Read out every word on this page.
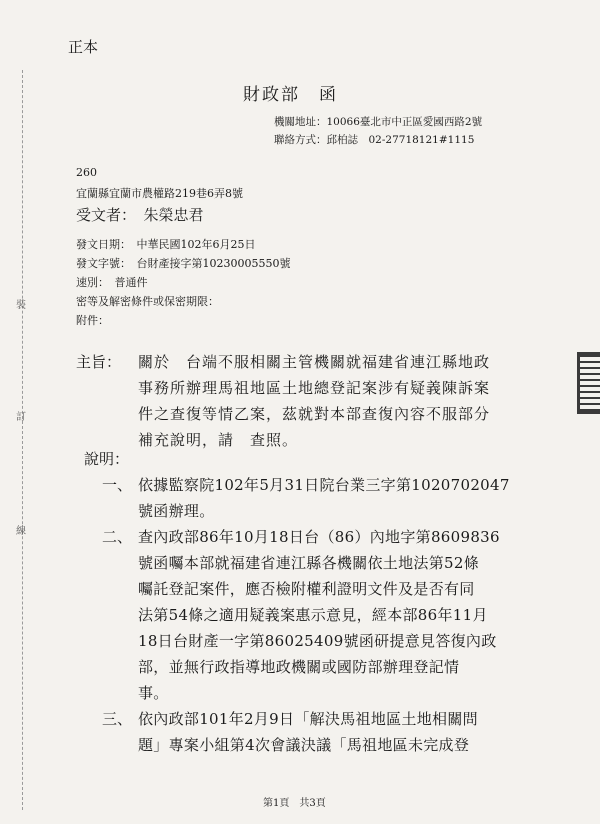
正本
裝
訂
線
財政部　函
機關地址：10066臺北市中正區愛國西路2號
聯絡方式：邱柏誌　02-27718121#1115
260
宜蘭縣宜蘭市農權路219巷6弄8號
受文者：　朱榮忠君
發文日期：　中華民國102年6月25日
發文字號：　台財產接字第10230005550號
速別：　普通件
密等及解密條件或保密期限：
附件：
主旨： 關於　台端不服相關主管機關就福建省連江縣地政
事務所辦理馬祖地區土地總登記案涉有疑義陳訴案
件之查復等情乙案，茲就對本部查復內容不服部分
補充說明，請　查照。
說明：
一、 依據監察院102年5月31日院台業三字第1020702047
號函辦理。
二、 查內政部86年10月18日台（86）內地字第8609836
號函囑本部就福建省連江縣各機關依土地法第52條
囑託登記案件，應否檢附權利證明文件及是否有同
法第54條之適用疑義案惠示意見，經本部86年11月
18日台財產一字第86025409號函研提意見答復內政
部，並無行政指導地政機關或國防部辦理登記情
事。
三、 依內政部101年2月9日「解決馬祖地區土地相關問
題」專案小組第4次會議決議「馬祖地區未完成登
第1頁　共3頁
